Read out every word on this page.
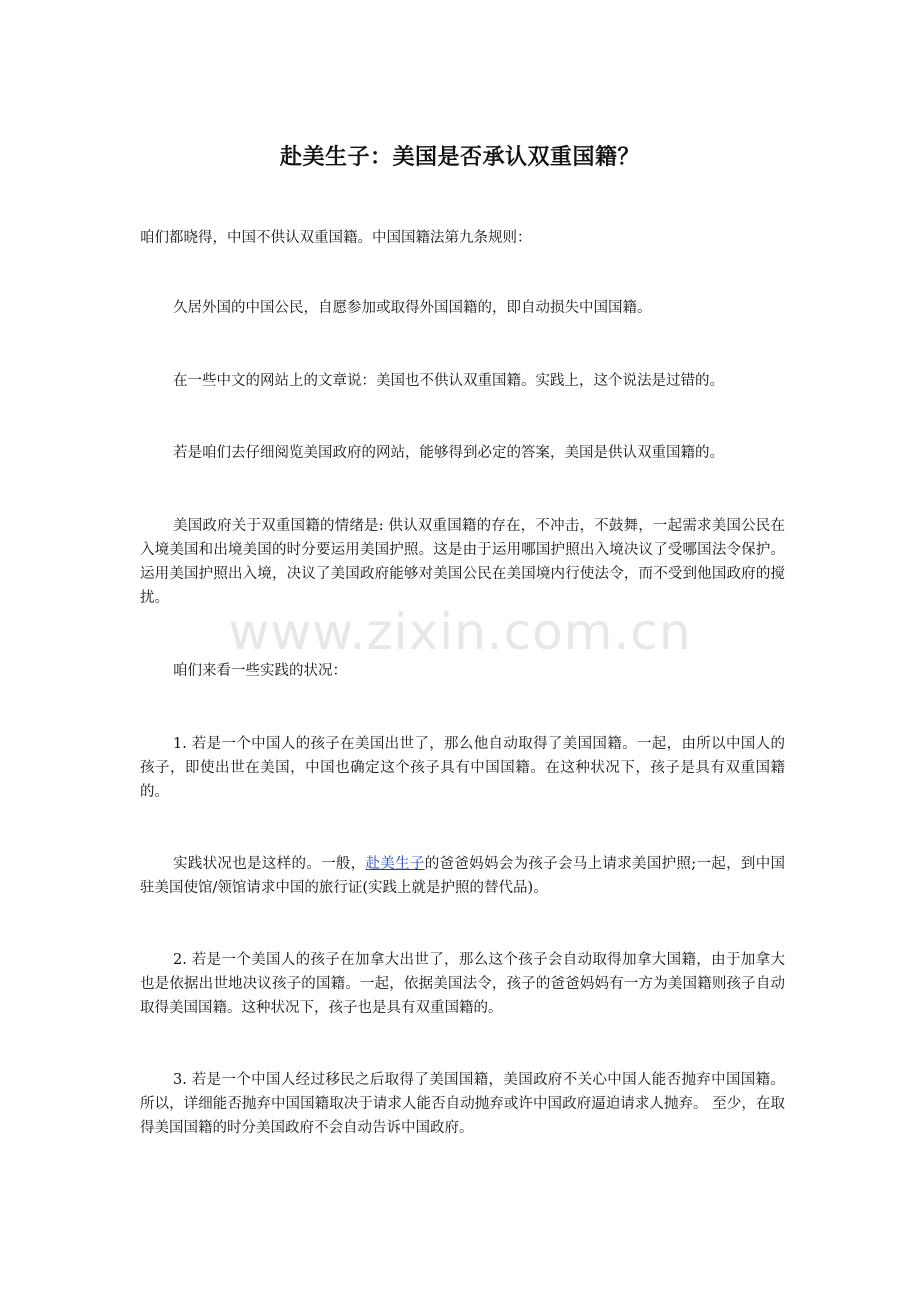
www.zixin.com.cn
赴美生子：美国是否承认双重国籍？
咱们都晓得，中国不供认双重国籍。中国国籍法第九条规则：
久居外国的中国公民，自愿参加或取得外国国籍的，即自动损失中国国籍。
在一些中文的网站上的文章说：美国也不供认双重国籍。实践上，这个说法是过错的。
若是咱们去仔细阅览美国政府的网站，能够得到必定的答案，美国是供认双重国籍的。
美国政府关于双重国籍的情绪是: 供认双重国籍的存在，不冲击，不鼓舞，一起需求美国公民在入境美国和出境美国的时分要运用美国护照。这是由于运用哪国护照出入境决议了受哪国法令保护。运用美国护照出入境，决议了美国政府能够对美国公民在美国境内行使法令，而不受到他国政府的搅扰。
咱们来看一些实践的状况：
1. 若是一个中国人的孩子在美国出世了，那么他自动取得了美国国籍。一起，由所以中国人的孩子，即使出世在美国，中国也确定这个孩子具有中国国籍。在这种状况下，孩子是具有双重国籍的。
实践状况也是这样的。一般，赴美生子的爸爸妈妈会为孩子会马上请求美国护照;一起，到中国驻美国使馆/领馆请求中国的旅行证(实践上就是护照的替代品)。
2. 若是一个美国人的孩子在加拿大出世了，那么这个孩子会自动取得加拿大国籍，由于加拿大也是依据出世地决议孩子的国籍。一起，依据美国法令，孩子的爸爸妈妈有一方为美国籍则孩子自动取得美国国籍。这种状况下，孩子也是具有双重国籍的。
3. 若是一个中国人经过移民之后取得了美国国籍，美国政府不关心中国人能否抛弃中国国籍。所以，详细能否抛弃中国国籍取决于请求人能否自动抛弃或许中国政府逼迫请求人抛弃。 至少，在取得美国国籍的时分美国政府不会自动告诉中国政府。
